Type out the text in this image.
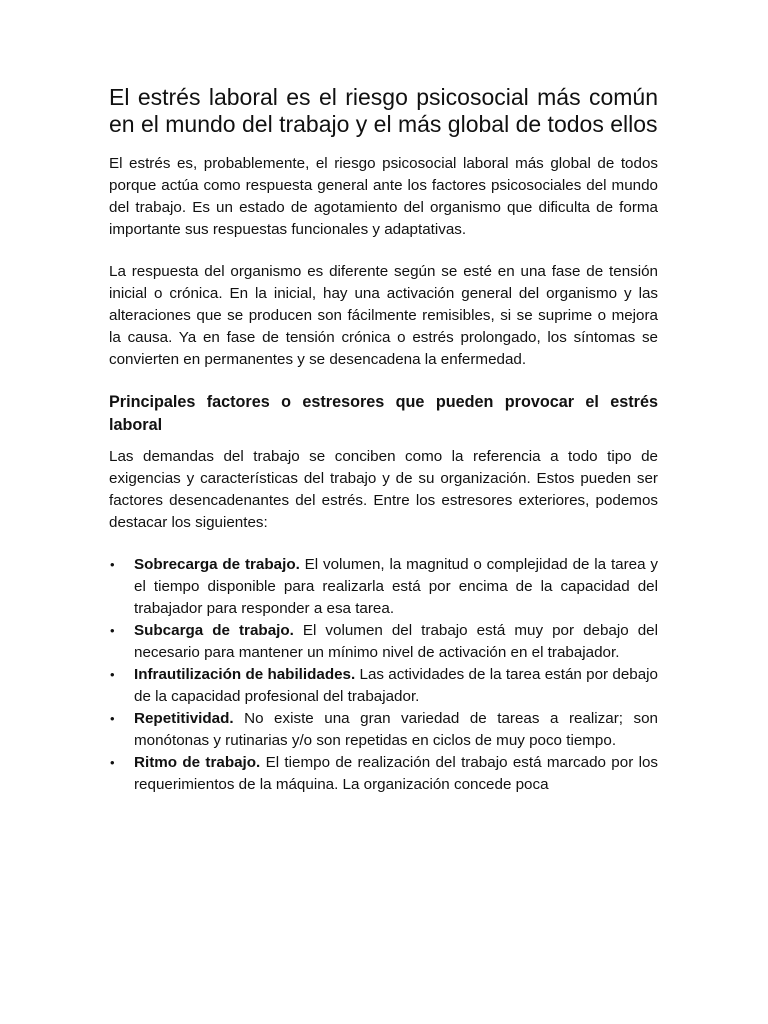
El estrés laboral es el riesgo psicosocial más común en el mundo del trabajo y el más global de todos ellos

El estrés es, probablemente, el riesgo psicosocial laboral más global de todos porque actúa como respuesta general ante los factores psicosociales del mundo del trabajo. Es un estado de agotamiento del organismo que dificulta de forma importante sus respuestas funcionales y adaptativas.

La respuesta del organismo es diferente según se esté en una fase de tensión inicial o crónica. En la inicial, hay una activación general del organismo y las alteraciones que se producen son fácilmente remisibles, si se suprime o mejora la causa. Ya en fase de tensión crónica o estrés prolongado, los síntomas se convierten en permanentes y se desencadena la enfermedad.

Principales factores o estresores que pueden provocar el estrés laboral

Las demandas del trabajo se conciben como la referencia a todo tipo de exigencias y características del trabajo y de su organización. Estos pueden ser factores desencadenantes del estrés. Entre los estresores exteriores, podemos destacar los siguientes:

• Sobrecarga de trabajo. El volumen, la magnitud o complejidad de la tarea y el tiempo disponible para realizarla está por encima de la capacidad del trabajador para responder a esa tarea.
• Subcarga de trabajo. El volumen del trabajo está muy por debajo del necesario para mantener un mínimo nivel de activación en el trabajador.
• Infrautilización de habilidades. Las actividades de la tarea están por debajo de la capacidad profesional del trabajador.
• Repetitividad. No existe una gran variedad de tareas a realizar; son monótonas y rutinarias y/o son repetidas en ciclos de muy poco tiempo.
• Ritmo de trabajo. El tiempo de realización del trabajo está marcado por los requerimientos de la máquina. La organización concede poca
